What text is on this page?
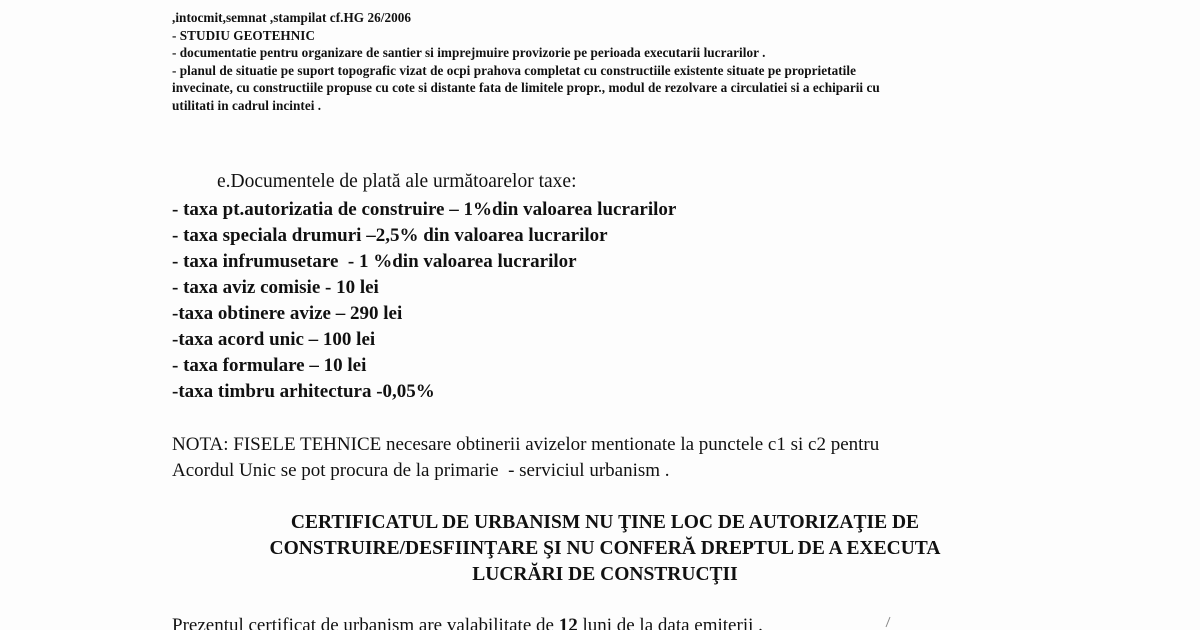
,intocmit,semnat ,stampilat cf.HG 26/2006
- STUDIU GEOTEHNIC
- documentatie pentru organizare de santier si imprejmuire provizorie pe perioada executarii lucrarilor .
- planul de situatie pe suport topografic vizat de ocpi prahova completat cu constructiile existente situate pe proprietatile
invecinate, cu constructiile propuse cu cote si distante fata de limitele propr., modul de rezolvare a circulatiei si a echiparii cu
utilitati in cadrul incintei .
e.Documentele de plată ale următoarelor taxe:
- taxa pt.autorizatia de construire – 1%din valoarea lucrarilor
- taxa speciala drumuri –2,5% din valoarea lucrarilor
- taxa infrumusetare  - 1 %din valoarea lucrarilor
- taxa aviz comisie - 10 lei
-taxa obtinere avize – 290 lei
-taxa acord unic – 100 lei
- taxa formulare – 10 lei
-taxa timbru arhitectura -0,05%
NOTA: FISELE TEHNICE necesare obtinerii avizelor mentionate la punctele c1 si c2 pentru
Acordul Unic se pot procura de la primarie  - serviciul urbanism .
CERTIFICATUL DE URBANISM NU ŢINE LOC DE AUTORIZAŢIE DE
CONSTRUIRE/DESFIINŢARE ŞI NU CONFERĂ DREPTUL DE A EXECUTA
LUCRĂRI DE CONSTRUCŢII
Prezentul certificat de urbanism are valabilitate de 12 luni de la data emiterii .
